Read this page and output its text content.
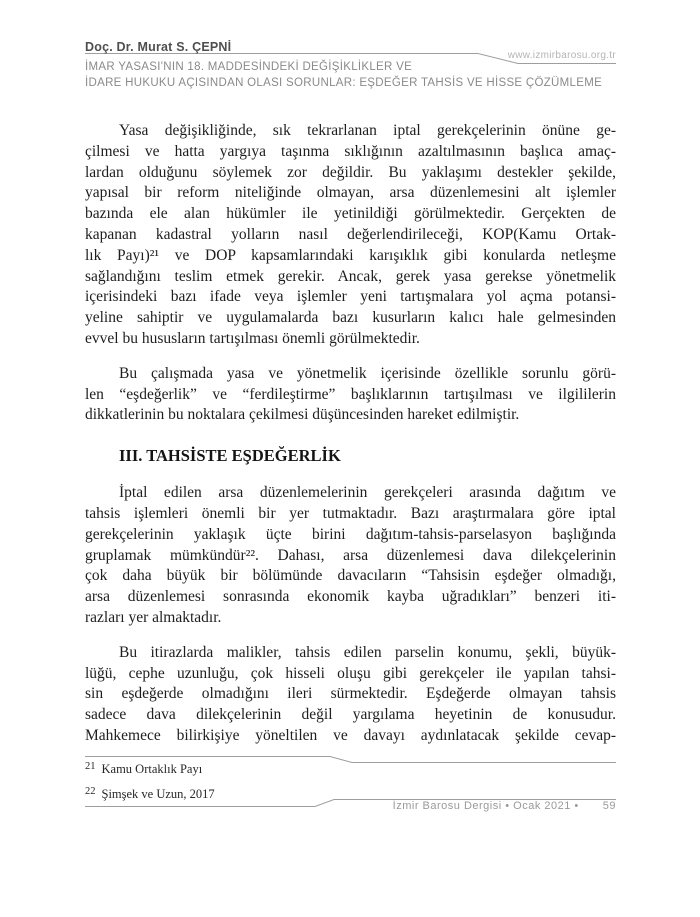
Doç. Dr. Murat S. ÇEPNİ
www.izmirbarosu.org.tr
İMAR YASASI'NIN 18. MADDESİNDEKİ DEĞİŞİKLİKLER VE
İDARE HUKUKU AÇISINDAN OLASI SORUNLAR: EŞDEĞER TAHSİS VE HİSSE ÇÖZÜMLEME
Yasa değişikliğinde, sık tekrarlanan iptal gerekçelerinin önüne ge-
çilmesi ve hatta yargıya taşınma sıklığının azaltılmasının başlıca amaç-
lardan olduğunu söylemek zor değildir. Bu yaklaşımı destekler şekilde,
yapısal bir reform niteliğinde olmayan, arsa düzenlemesini alt işlemler
bazında ele alan hükümler ile yetinildiği görülmektedir. Gerçekten de
kapanan kadastral yolların nasıl değerlendirileceği, KOP(Kamu Ortak-
lık Payı)²¹ ve DOP kapsamlarındaki karışıklık gibi konularda netleşme
sağlandığını teslim etmek gerekir. Ancak, gerek yasa gerekse yönetmelik
içerisindeki bazı ifade veya işlemler yeni tartışmalara yol açma potansi-
yeline sahiptir ve uygulamalarda bazı kusurların kalıcı hale gelmesinden
evvel bu hususların tartışılması önemli görülmektedir.
Bu çalışmada yasa ve yönetmelik içerisinde özellikle sorunlu görü-
len “eşdeğerlik” ve “ferdileştirme” başlıklarının tartışılması ve ilgililerin
dikkatlerinin bu noktalara çekilmesi düşüncesinden hareket edilmiştir.
III. TAHSİSTE EŞDEĞERLİK
İptal edilen arsa düzenlemelerinin gerekçeleri arasında dağıtım ve
tahsis işlemleri önemli bir yer tutmaktadır. Bazı araştırmalara göre iptal
gerekçelerinin yaklaşık üçte birini dağıtım-tahsis-parselasyon başlığında
gruplamak mümkündür²². Dahası, arsa düzenlemesi dava dilekçelerinin
çok daha büyük bir bölümünde davacıların “Tahsisin eşdeğer olmadığı,
arsa düzenlemesi sonrasında ekonomik kayba uğradıkları” benzeri iti-
razları yer almaktadır.
Bu itirazlarda malikler, tahsis edilen parselin konumu, şekli, büyük-
lüğü, cephe uzunluğu, çok hisseli oluşu gibi gerekçeler ile yapılan tahsi-
sin eşdeğerde olmadığını ileri sürmektedir. Eşdeğerde olmayan tahsis
sadece dava dilekçelerinin değil yargılama heyetinin de konusudur.
Mahkemece bilirkişiye yöneltilen ve davayı aydınlatacak şekilde cevap-
$^{21}$ Kamu Ortaklık Payı
$^{22}$ Şimşek ve Uzun, 2017
İzmir Barosu Dergisi • Ocak 2021 • 59
